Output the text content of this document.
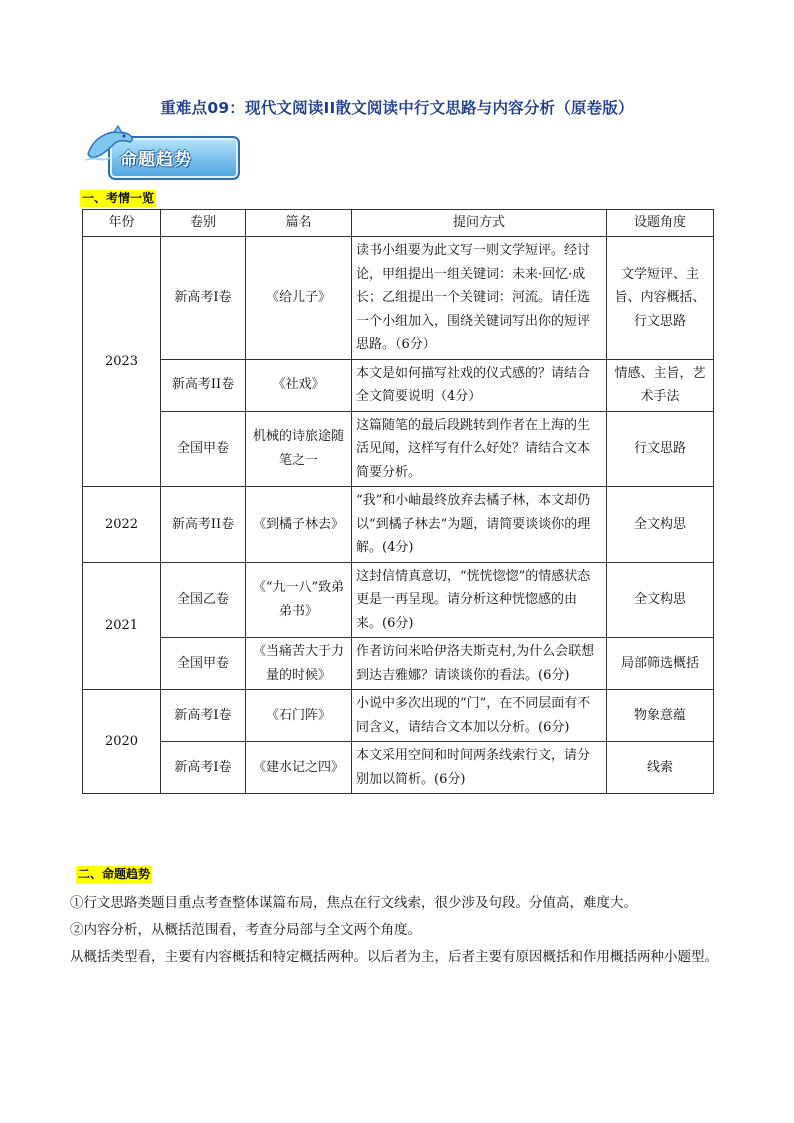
重难点09：现代文阅读II散文阅读中行文思路与内容分析（原卷版）
命题趋势
一、考情一览
年份	卷别	篇名	提问方式	设题角度
2023	新高考I卷	《给儿子》	读书小组要为此文写一则文学短评。经讨论，甲组提出一组关键词：未来·回忆·成长；乙组提出一个关键词：河流。请任选一个小组加入，围绕关键词写出你的短评思路。（6分）	文学短评、主旨、内容概括、行文思路
	新高考II卷	《社戏》	本文是如何描写社戏的仪式感的？请结合全文简要说明（4分）	情感、主旨，艺术手法
	全国甲卷	机械的诗旅途随笔之一	这篇随笔的最后段跳转到作者在上海的生活见闻，这样写有什么好处？请结合文本简要分析。	行文思路
2022	新高考II卷	《到橘子林去》	“我”和小岫最终放弃去橘子林，本文却仍以“到橘子林去”为题，请简要谈谈你的理解。(4分)	全文构思
2021	全国乙卷	《“九一八”致弟弟书》	这封信情真意切，“恍恍惚惚”的情感状态更是一再呈现。请分析这种恍惚感的由来。(6分)	全文构思
	全国甲卷	《当痛苦大于力量的时候》	作者访问米哈伊洛夫斯克村,为什么会联想到达吉雅娜？请谈谈你的看法。(6分)	局部筛选概括
2020	新高考I卷	《石门阵》	小说中多次出现的“门”，在不同层面有不同含义，请结合文本加以分析。(6分)	物象意蕴
	新高考I卷	《建水记之四》	本文采用空间和时间两条线索行文，请分别加以简析。(6分)	线索
二、命题趋势
①行文思路类题目重点考查整体谋篇布局，焦点在行文线索，很少涉及句段。分值高，难度大。
②内容分析，从概括范围看，考查分局部与全文两个角度。
从概括类型看，主要有内容概括和特定概括两种。以后者为主，后者主要有原因概括和作用概括两种小题型。
